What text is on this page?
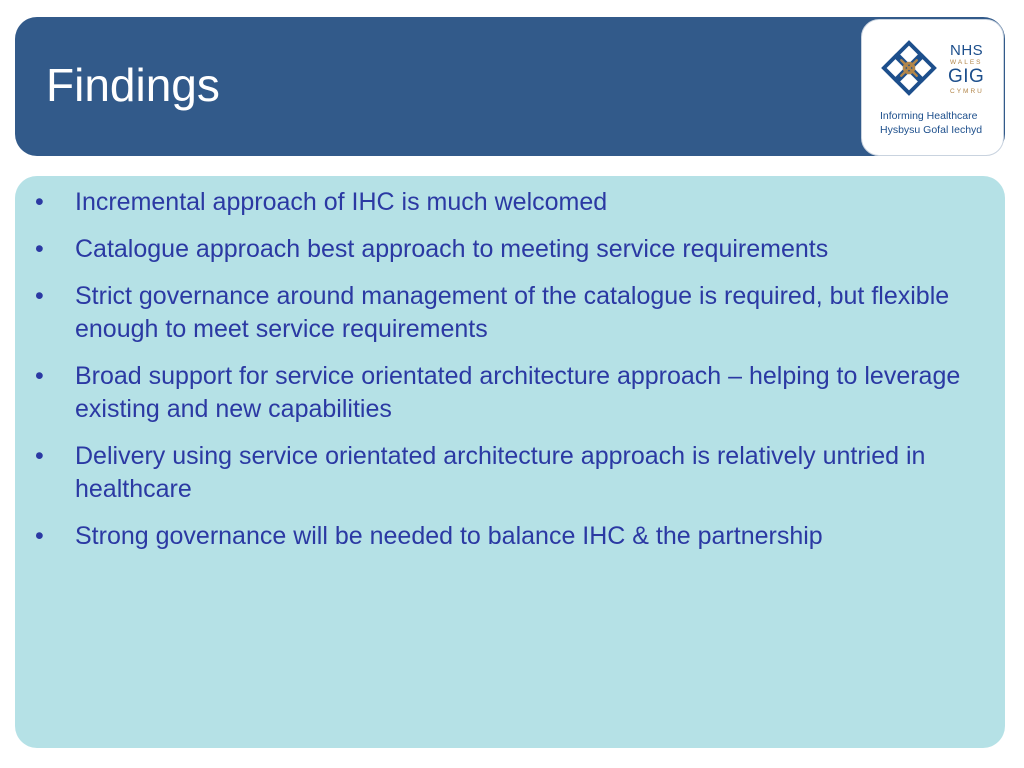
Findings
NHS
WALES
GIG
CYMRU
Informing Healthcare
Hysbysu Gofal Iechyd
• Incremental approach of IHC is much welcomed
• Catalogue approach best approach to meeting service requirements
• Strict governance around management of the catalogue is required, but flexible enough to meet service requirements
• Broad support for service orientated architecture approach – helping to leverage existing and new capabilities
• Delivery using service orientated architecture approach is relatively untried in healthcare
• Strong governance will be needed to balance IHC & the partnership
